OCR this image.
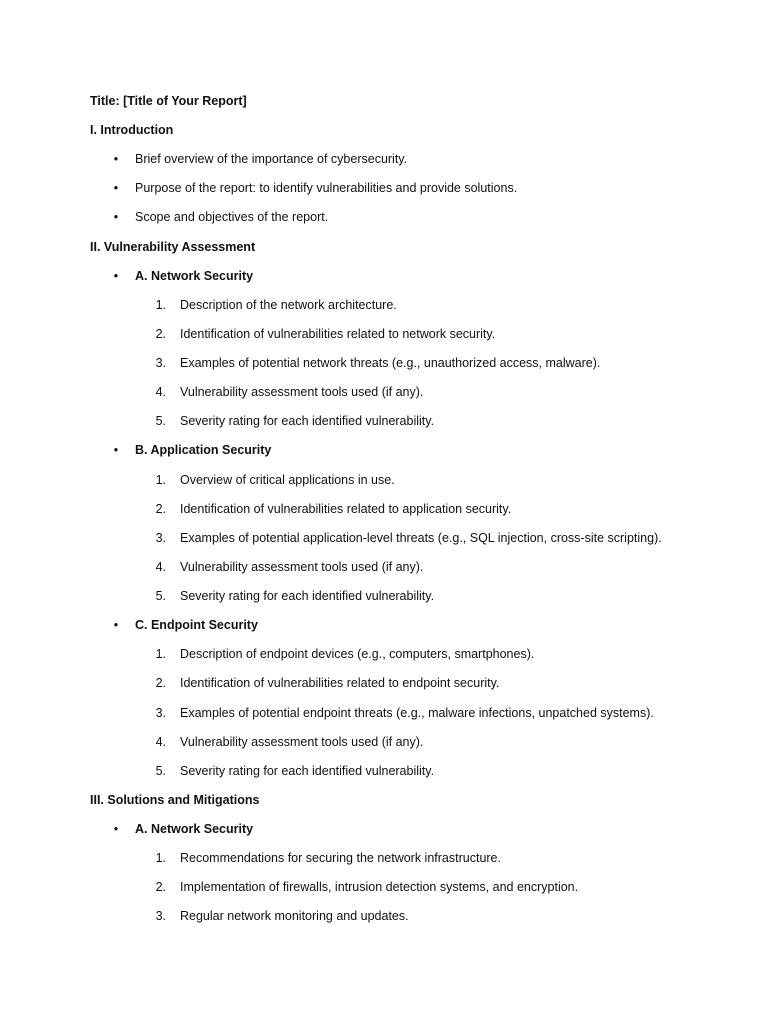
Title: [Title of Your Report]
I. Introduction
• Brief overview of the importance of cybersecurity.
• Purpose of the report: to identify vulnerabilities and provide solutions.
• Scope and objectives of the report.
II. Vulnerability Assessment
• A. Network Security
1. Description of the network architecture.
2. Identification of vulnerabilities related to network security.
3. Examples of potential network threats (e.g., unauthorized access, malware).
4. Vulnerability assessment tools used (if any).
5. Severity rating for each identified vulnerability.
• B. Application Security
1. Overview of critical applications in use.
2. Identification of vulnerabilities related to application security.
3. Examples of potential application-level threats (e.g., SQL injection, cross-site scripting).
4. Vulnerability assessment tools used (if any).
5. Severity rating for each identified vulnerability.
• C. Endpoint Security
1. Description of endpoint devices (e.g., computers, smartphones).
2. Identification of vulnerabilities related to endpoint security.
3. Examples of potential endpoint threats (e.g., malware infections, unpatched systems).
4. Vulnerability assessment tools used (if any).
5. Severity rating for each identified vulnerability.
III. Solutions and Mitigations
• A. Network Security
1. Recommendations for securing the network infrastructure.
2. Implementation of firewalls, intrusion detection systems, and encryption.
3. Regular network monitoring and updates.
